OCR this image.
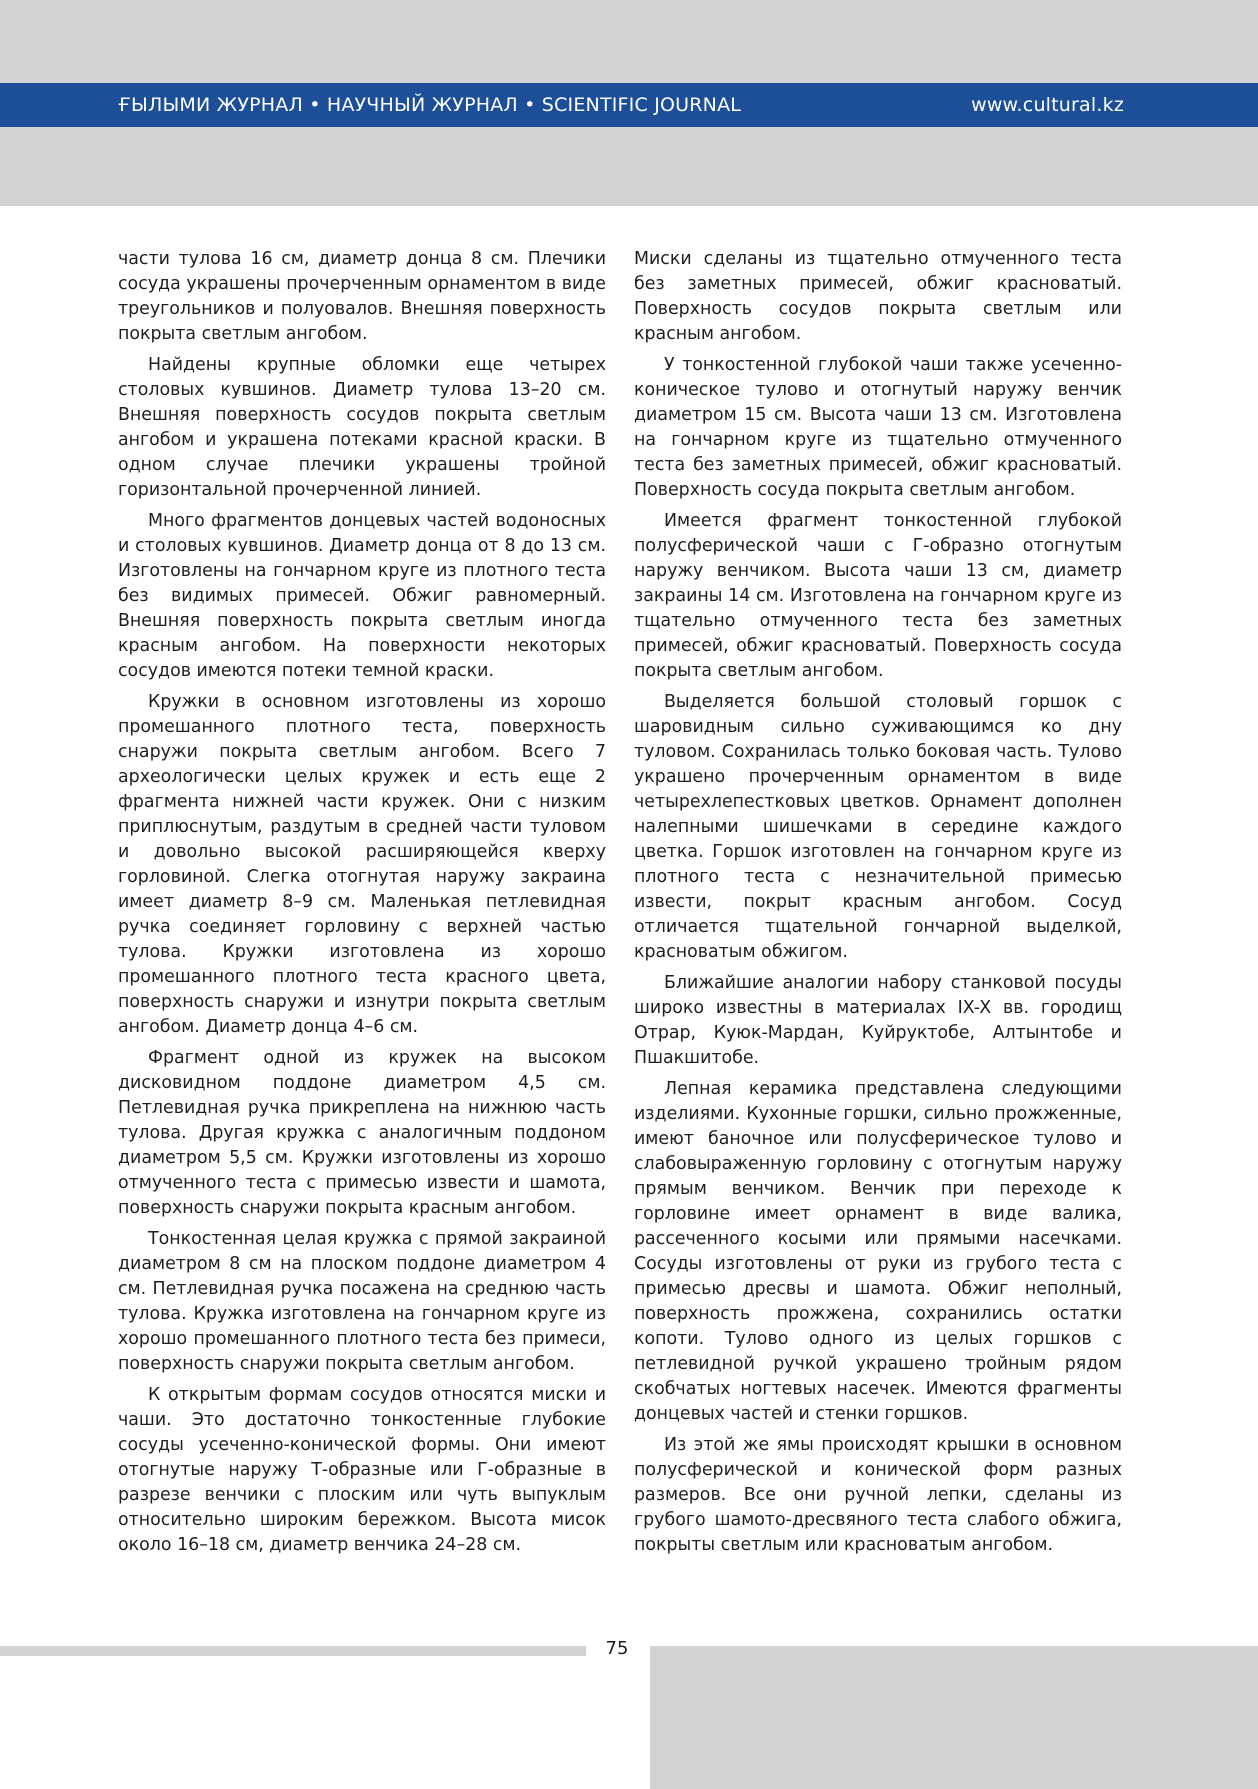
ҒЫЛЫМИ ЖУРНАЛ • НАУЧНЫЙ ЖУРНАЛ • SCIENTIFIC JOURNAL	www.cultural.kz

части тулова 16 см, диаметр донца 8 см. Плечики сосуда украшены прочерченным орнаментом в виде треугольников и полуовалов. Внешняя поверхность покрыта светлым ангобом.

Найдены крупные обломки еще четырех столовых кувшинов. Диаметр тулова 13–20 см. Внешняя поверхность сосудов покрыта светлым ангобом и украшена потеками красной краски. В одном случае плечики украшены тройной горизонтальной прочерченной линией.

Много фрагментов донцевых частей водоносных и столовых кувшинов. Диаметр донца от 8 до 13 см. Изготовлены на гончарном круге из плотного теста без видимых примесей. Обжиг равномерный. Внешняя поверхность покрыта светлым иногда красным ангобом. На поверхности некоторых сосудов имеются потеки темной краски.

Кружки в основном изготовлены из хорошо промешанного плотного теста, поверхность снаружи покрыта светлым ангобом. Всего 7 археологически целых кружек и есть еще 2 фрагмента нижней части кружек. Они с низким приплюснутым, раздутым в средней части туловом и довольно высокой расширяющейся кверху горловиной. Слегка отогнутая наружу закраина имеет диаметр 8–9 см. Маленькая петлевидная ручка соединяет горловину с верхней частью тулова. Кружки изготовлена из хорошо промешанного плотного теста красного цвета, поверхность снаружи и изнутри покрыта светлым ангобом. Диаметр донца 4–6 см.

Фрагмент одной из кружек на высоком дисковидном поддоне диаметром 4,5 см. Петлевидная ручка прикреплена на нижнюю часть тулова. Другая кружка с аналогичным поддоном диаметром 5,5 см. Кружки изготовлены из хорошо отмученного теста с примесью извести и шамота, поверхность снаружи покрыта красным ангобом.

Тонкостенная целая кружка с прямой закраиной диаметром 8 см на плоском поддоне диаметром 4 см. Петлевидная ручка посажена на среднюю часть тулова. Кружка изготовлена на гончарном круге из хорошо промешанного плотного теста без примеси, поверхность снаружи покрыта светлым ангобом.

К открытым формам сосудов относятся миски и чаши. Это достаточно тонкостенные глубокие сосуды усеченно-конической формы. Они имеют отогнутые наружу Т-образные или Г-образные в разрезе венчики с плоским или чуть выпуклым относительно широким бережком. Высота мисок около 16–18 см, диаметр венчика 24–28 см.

Миски сделаны из тщательно отмученного теста без заметных примесей, обжиг красноватый. Поверхность сосудов покрыта светлым или красным ангобом.

У тонкостенной глубокой чаши также усеченно-коническое тулово и отогнутый наружу венчик диаметром 15 см. Высота чаши 13 см. Изготовлена на гончарном круге из тщательно отмученного теста без заметных примесей, обжиг красноватый. Поверхность сосуда покрыта светлым ангобом.

Имеется фрагмент тонкостенной глубокой полусферической чаши с Г-образно отогнутым наружу венчиком. Высота чаши 13 см, диаметр закраины 14 см. Изготовлена на гончарном круге из тщательно отмученного теста без заметных примесей, обжиг красноватый. Поверхность сосуда покрыта светлым ангобом.

Выделяется большой столовый горшок с шаровидным сильно суживающимся ко дну туловом. Сохранилась только боковая часть. Тулово украшено прочерченным орнаментом в виде четырехлепестковых цветков. Орнамент дополнен налепными шишечками в середине каждого цветка. Горшок изготовлен на гончарном круге из плотного теста с незначительной примесью извести, покрыт красным ангобом. Сосуд отличается тщательной гончарной выделкой, красноватым обжигом.

Ближайшие аналогии набору станковой посуды широко известны в материалах IX-X вв. городищ Отрар, Куюк-Мардан, Куйруктобе, Алтынтобе и Пшакшитобе.

Лепная керамика представлена следующими изделиями. Кухонные горшки, сильно прожженные, имеют баночное или полусферическое тулово и слабовыраженную горловину с отогнутым наружу прямым венчиком. Венчик при переходе к горловине имеет орнамент в виде валика, рассеченного косыми или прямыми насечками. Сосуды изготовлены от руки из грубого теста с примесью дресвы и шамота. Обжиг неполный, поверхность прожжена, сохранились остатки копоти. Тулово одного из целых горшков с петлевидной ручкой украшено тройным рядом скобчатых ногтевых насечек. Имеются фрагменты донцевых частей и стенки горшков.

Из этой же ямы происходят крышки в основном полусферической и конической форм разных размеров. Все они ручной лепки, сделаны из грубого шамото-дресвяного теста слабого обжига, покрыты светлым или красноватым ангобом.

75
